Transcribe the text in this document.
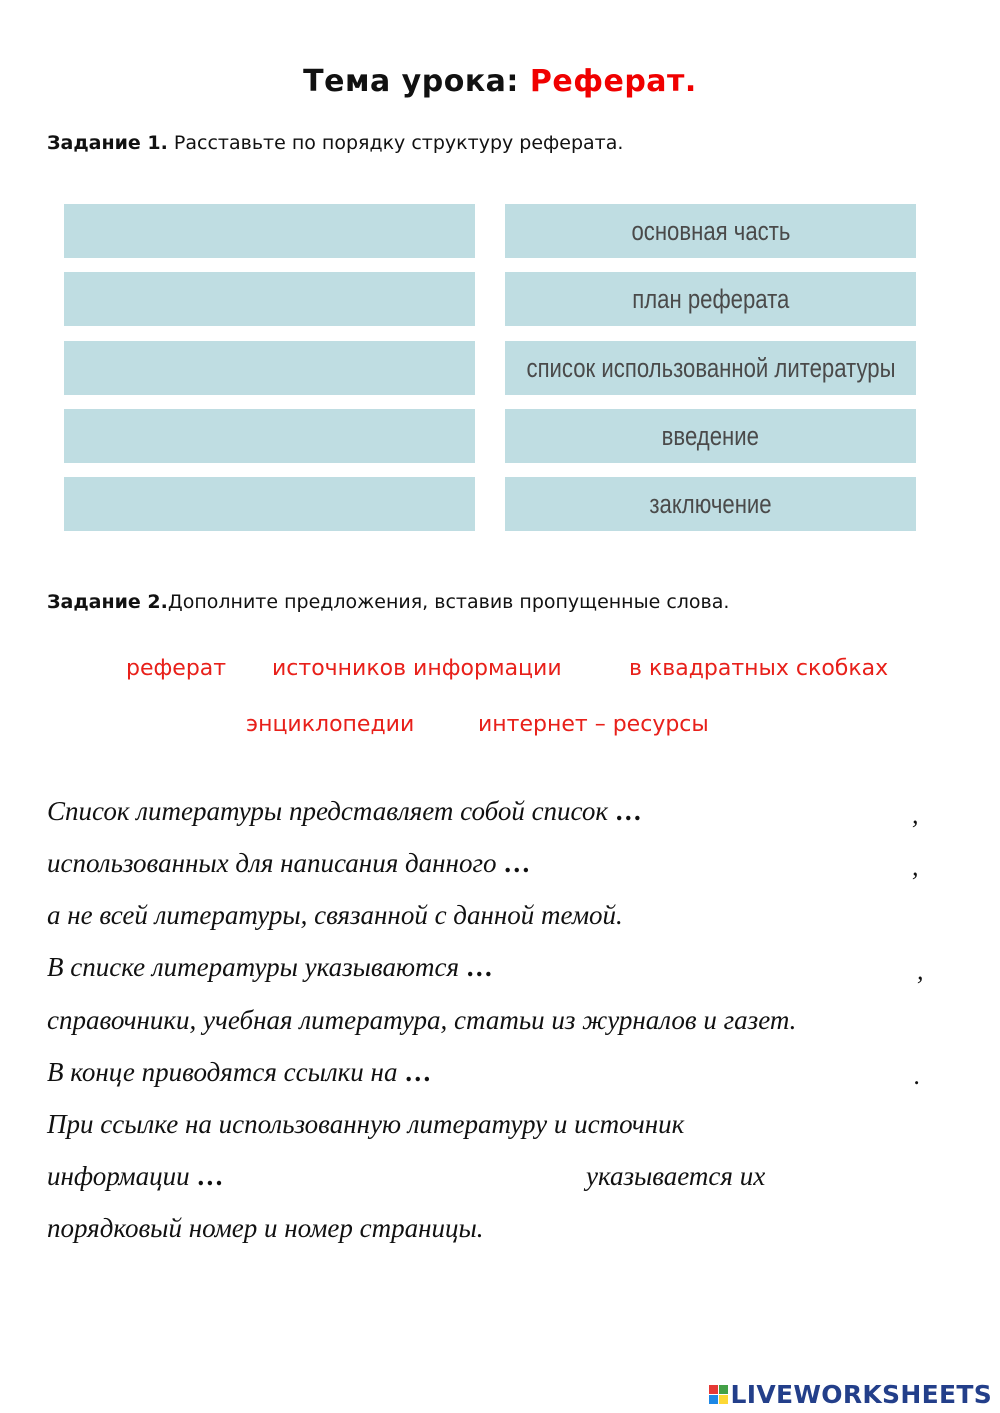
Тема урока: Реферат.
Задание 1. Расставьте по порядку структуру реферата.
основная часть
план реферата
список использованной литературы
введение
заключение
Задание 2.Дополните предложения, вставив пропущенные слова.
реферат источников информации	в квадратных скобках
энциклопедии	интернет – ресурсы
Список литературы представляет собой список …	,
использованных для написания данного …	,
а не всей литературы, связанной с данной темой.
В списке литературы указываются …	,
справочники, учебная литература, статьи из журналов и газет.
В конце приводятся ссылки на …	.
При ссылке на использованную литературу и источник
информации …	указывается их
порядковый номер и номер страницы.
LIVEWORKSHEETS
